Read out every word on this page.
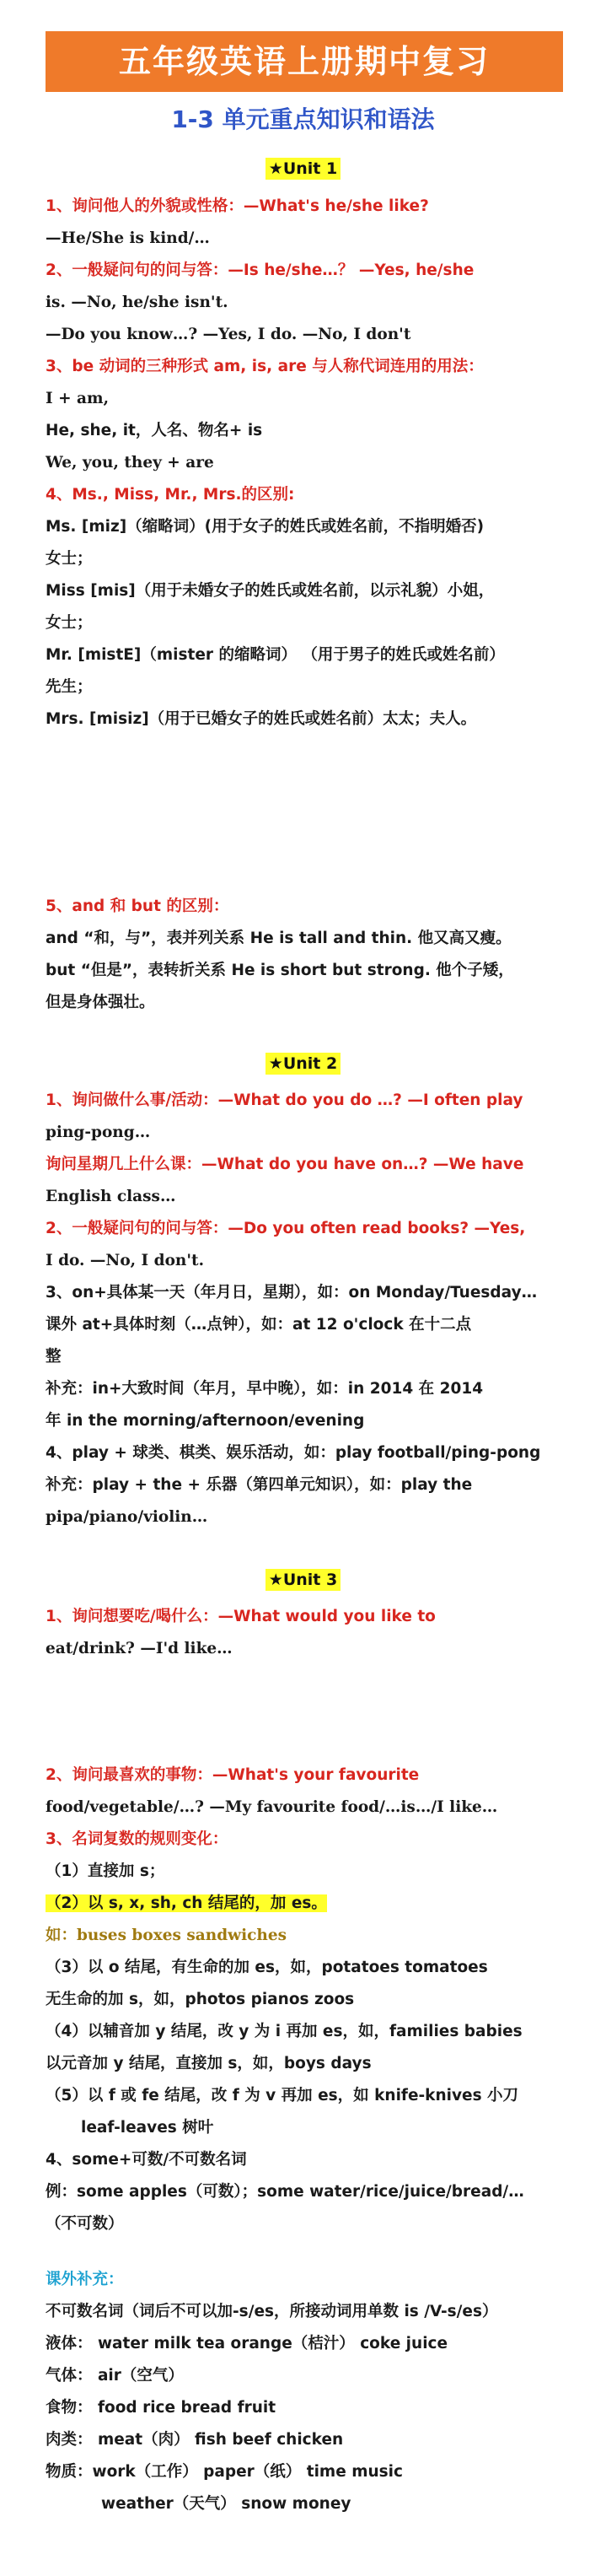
五年级英语上册期中复习
1-3 单元重点知识和语法
★Unit 1
★Unit 2
★Unit 3
1、询问他人的外貌或性格：—What's he/she like?
—He/She is kind/…
2、一般疑问句的问与答：—Is he/she…？ —Yes, he/she
is. —No, he/she isn't.
—Do you know…? —Yes, I do. —No, I don't
3、be 动词的三种形式 am, is, are 与人称代词连用的用法：
I + am,
He, she, it，人名、物名+ is
We, you, they + are
4、Ms., Miss, Mr., Mrs.的区别:
Ms. [miz]（缩略词）(用于女子的姓氏或姓名前，不指明婚否)
女士；
Miss [mis]（用于未婚女子的姓氏或姓名前，以示礼貌）小姐，
女士；
Mr. [mistE]（mister 的缩略词） （用于男子的姓氏或姓名前）
先生；
Mrs. [misiz]（用于已婚女子的姓氏或姓名前）太太；夫人。
5、and 和 but 的区别：
and “和，与”，表并列关系 He is tall and thin. 他又高又瘦。
but “但是”，表转折关系 He is short but strong. 他个子矮，
但是身体强壮。
1、询问做什么事/活动：—What do you do …? —I often play
ping-pong…
询问星期几上什么课：—What do you have on…? —We have
English class…
2、一般疑问句的问与答：—Do you often read books? —Yes,
I do. —No, I don't.
3、on+具体某一天（年月日，星期），如：on Monday/Tuesday…
课外 at+具体时刻（…点钟），如：at 12 o'clock 在十二点
整
补充：in+大致时间（年月，早中晚），如：in 2014 在 2014
年 in the morning/afternoon/evening
4、play + 球类、棋类、娱乐活动，如：play football/ping-pong
补充：play + the + 乐器（第四单元知识），如：play the
pipa/piano/violin…
1、询问想要吃/喝什么：—What would you like to
eat/drink? —I'd like…
2、询问最喜欢的事物：—What's your favourite
food/vegetable/…? —My favourite food/…is…/I like…
3、名词复数的规则变化：
（1）直接加 s；
（2）以 s, x, sh, ch 结尾的，加 es。
如：buses boxes sandwiches
（3）以 o 结尾，有生命的加 es，如，potatoes tomatoes
无生命的加 s，如，photos pianos zoos
（4）以辅音加 y 结尾，改 y 为 i 再加 es，如，families babies
以元音加 y 结尾，直接加 s，如，boys days
（5）以 f 或 fe 结尾，改 f 为 v 再加 es，如 knife-knives 小刀
leaf-leaves 树叶
4、some+可数/不可数名词
例：some apples（可数）；some water/rice/juice/bread/…
（不可数）
课外补充：
不可数名词（词后不可以加-s/es，所接动词用单数 is /V-s/es）
液体： water milk tea orange（桔汁） coke juice
气体： air（空气）
食物： food rice bread fruit
肉类： meat（肉） fish beef chicken
物质：work（工作） paper（纸） time music
weather（天气） snow money
